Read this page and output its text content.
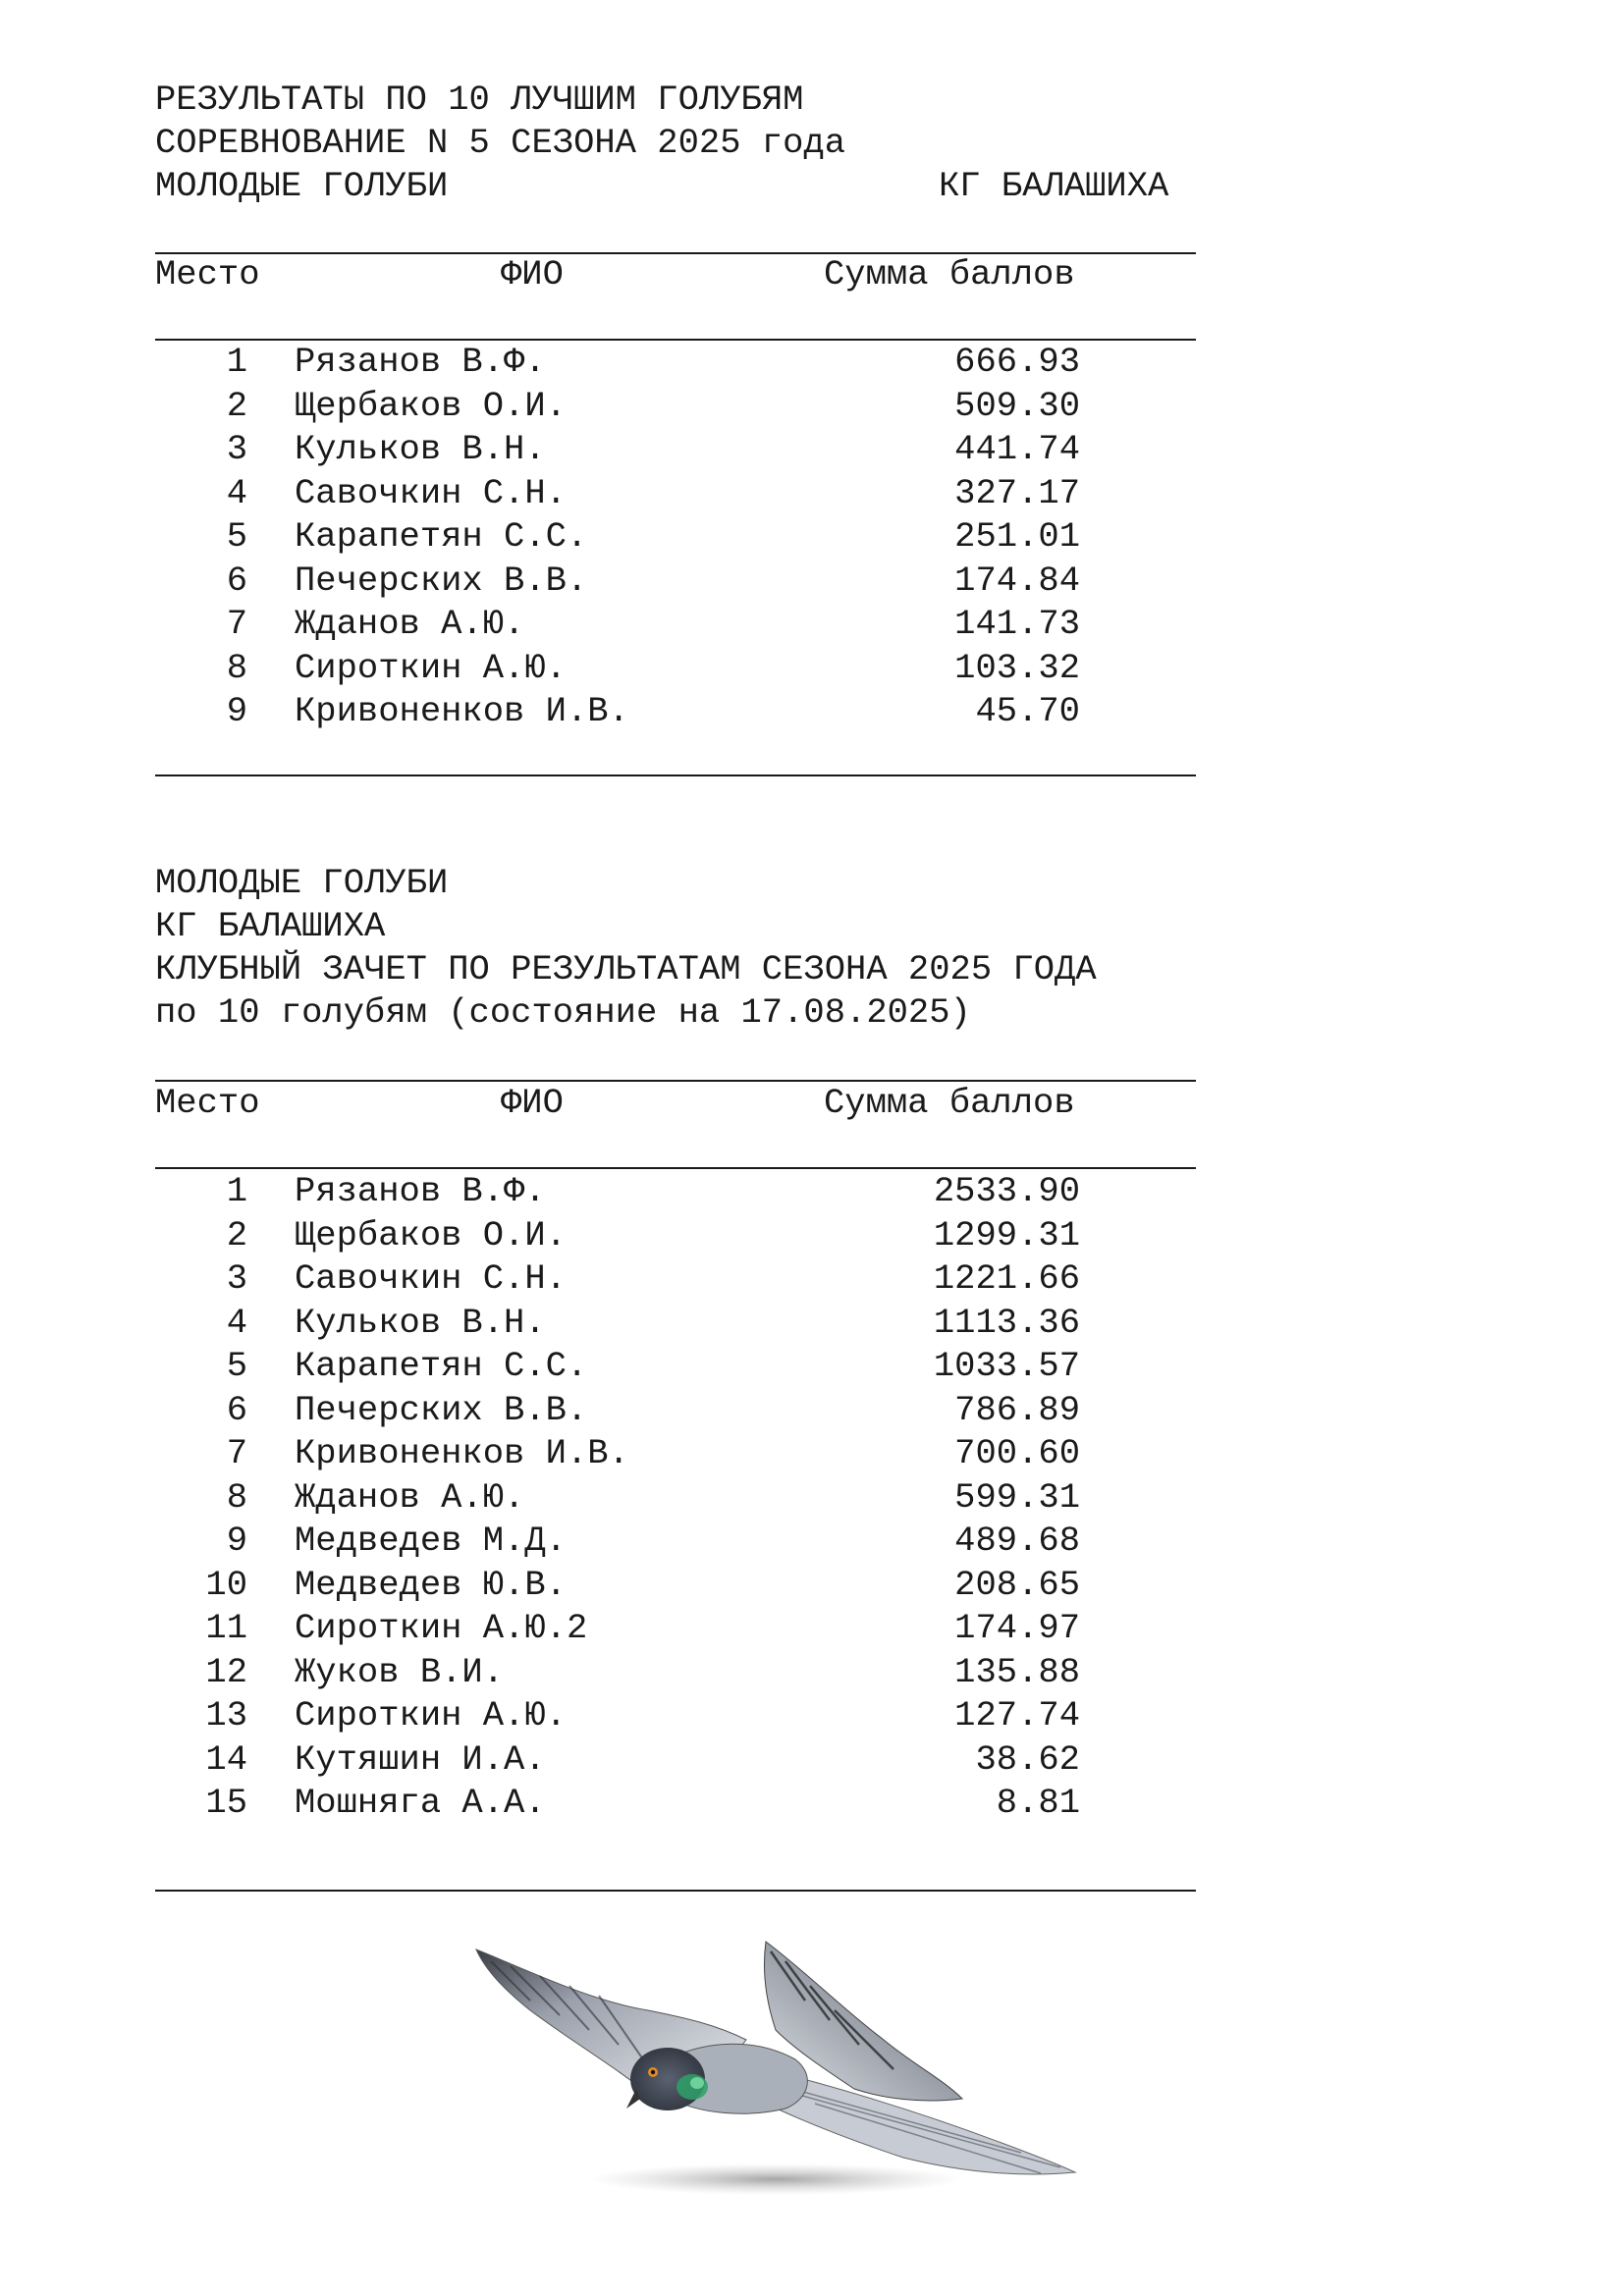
РЕЗУЛЬТАТЫ ПО 10 ЛУЧШИМ ГОЛУБЯМ
СОРЕВНОВАНИЕ N 5 СЕЗОНА 2025 года
МОЛОДЫЕ ГОЛУБИ	КГ БАЛАШИХА
Место	ФИО	Сумма баллов
1 Рязанов В.Ф.	666.93
2 Щербаков О.И.	509.30
3 Кульков В.Н.	441.74
4 Савочкин С.Н.	327.17
5 Карапетян С.С.	251.01
6 Печерских В.В.	174.84
7 Жданов А.Ю.	141.73
8 Сироткин А.Ю.	103.32
9 Кривоненков И.В.	45.70
МОЛОДЫЕ ГОЛУБИ
КГ БАЛАШИХА
КЛУБНЫЙ ЗАЧЕТ ПО РЕЗУЛЬТАТАМ СЕЗОНА 2025 ГОДА
по 10 голубям (состояние на 17.08.2025)
Место	ФИО	Сумма баллов
1 Рязанов В.Ф.	2533.90
2 Щербаков О.И.	1299.31
3 Савочкин С.Н.	1221.66
4 Кульков В.Н.	1113.36
5 Карапетян С.С.	1033.57
6 Печерских В.В.	786.89
7 Кривоненков И.В.	700.60
8 Жданов А.Ю.	599.31
9 Медведев М.Д.	489.68
10 Медведев Ю.В.	208.65
11 Сироткин А.Ю.2	174.97
12 Жуков В.И.	135.88
13 Сироткин А.Ю.	127.74
14 Кутяшин И.А.	38.62
15 Мошняга А.А.	8.81
